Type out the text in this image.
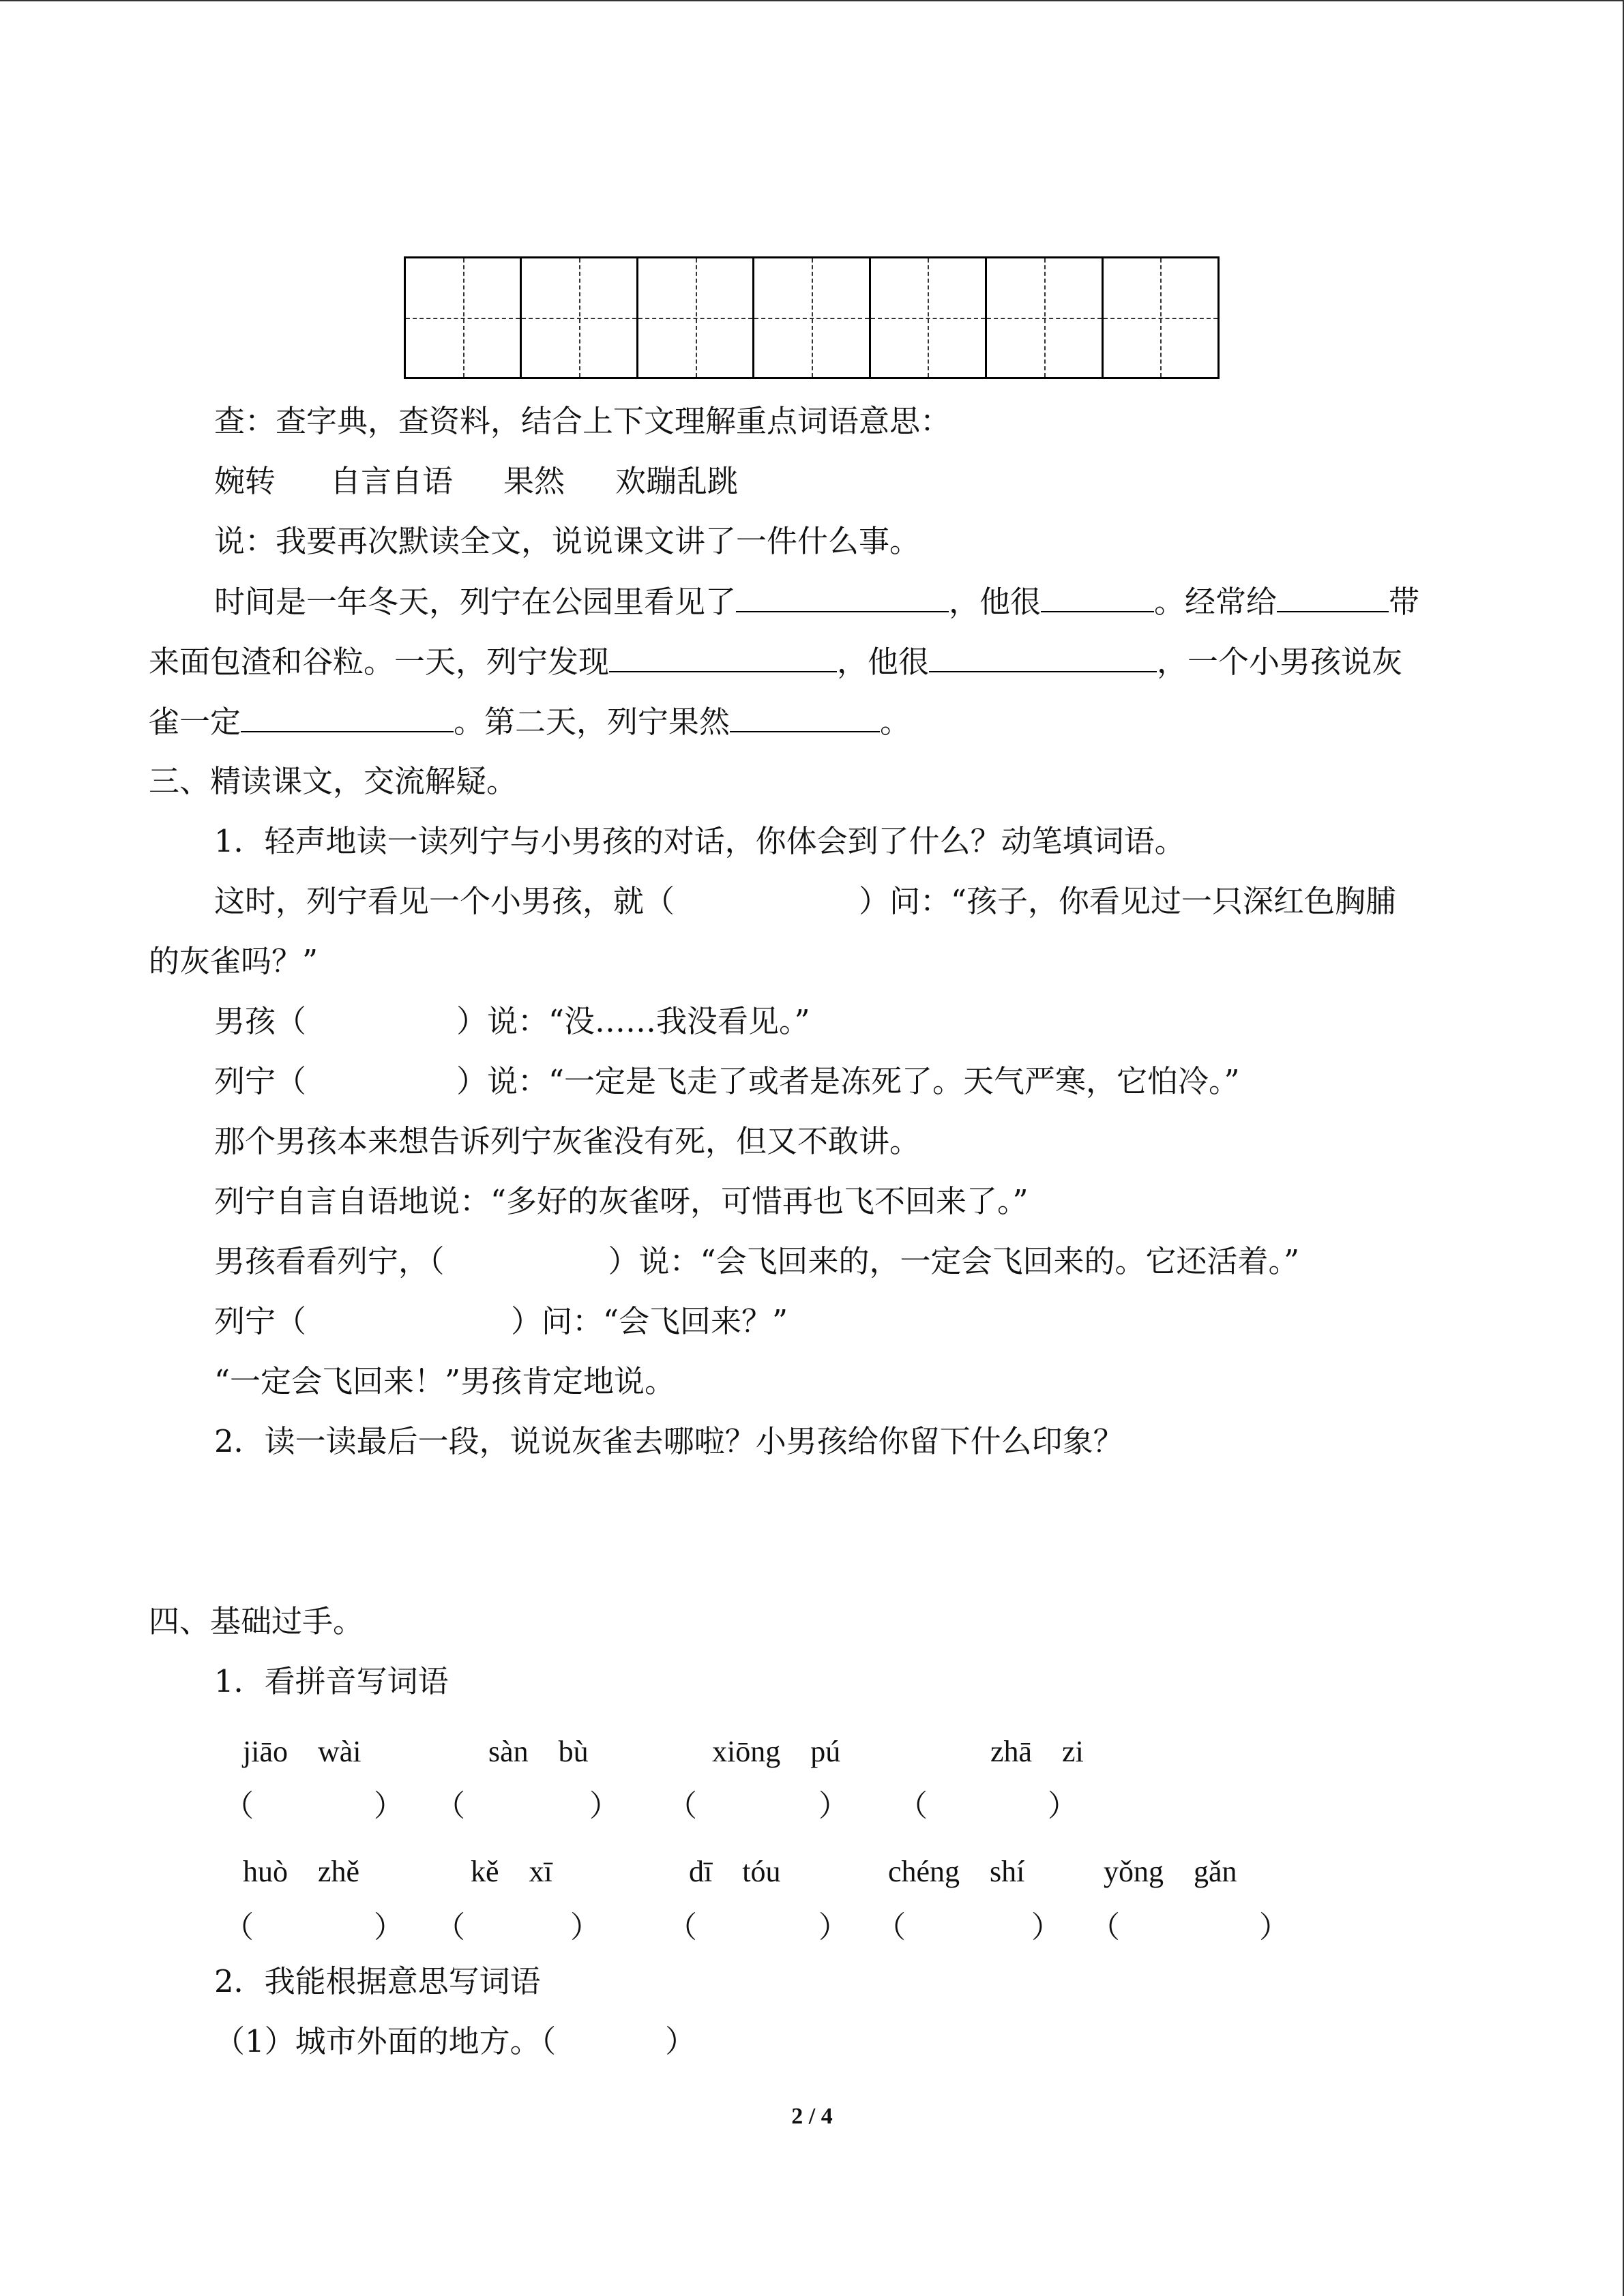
查：查字典，查资料，结合上下文理解重点词语意思：
婉转 自言自语 果然 欢蹦乱跳
说：我要再次默读全文，说说课文讲了一件什么事。
时间是一年冬天，列宁在公园里看见了	，他很	。经常给	带
来面包渣和谷粒。一天，列宁发现	，他很	，一个小男孩说灰
雀一定	。第二天，列宁果然	。
三、精读课文，交流解疑。
1．轻声地读一读列宁与小男孩的对话，你体会到了什么？动笔填词语。
这时，列宁看见一个小男孩，就（	）问：“孩子，你看见过一只深红色胸脯
的灰雀吗？”
男孩（	）说：“没……我没看见。”
列宁（	）说：“一定是飞走了或者是冻死了。天气严寒，它怕冷。”
那个男孩本来想告诉列宁灰雀没有死，但又不敢讲。
列宁自言自语地说：“多好的灰雀呀，可惜再也飞不回来了。”
男孩看看列宁，（	）说：“会飞回来的，一定会飞回来的。它还活着。”
列宁（	）问：“会飞回来？”
“一定会飞回来！”男孩肯定地说。
2．读一读最后一段，说说灰雀去哪啦？小男孩给你留下什么印象？
四、基础过手。
1．看拼音写词语
jiāo　wài	sàn　bù	xiōng　pú	zhā　zi
（	） （	） （	） （	）
huò　zhě	kě　xī	dī　tóu	chéng　shí	yǒng　gǎn
（	） （	） （	） （	） （	）
2．我能根据意思写词语
（1）城市外面的地方。（	）
2 / 4
